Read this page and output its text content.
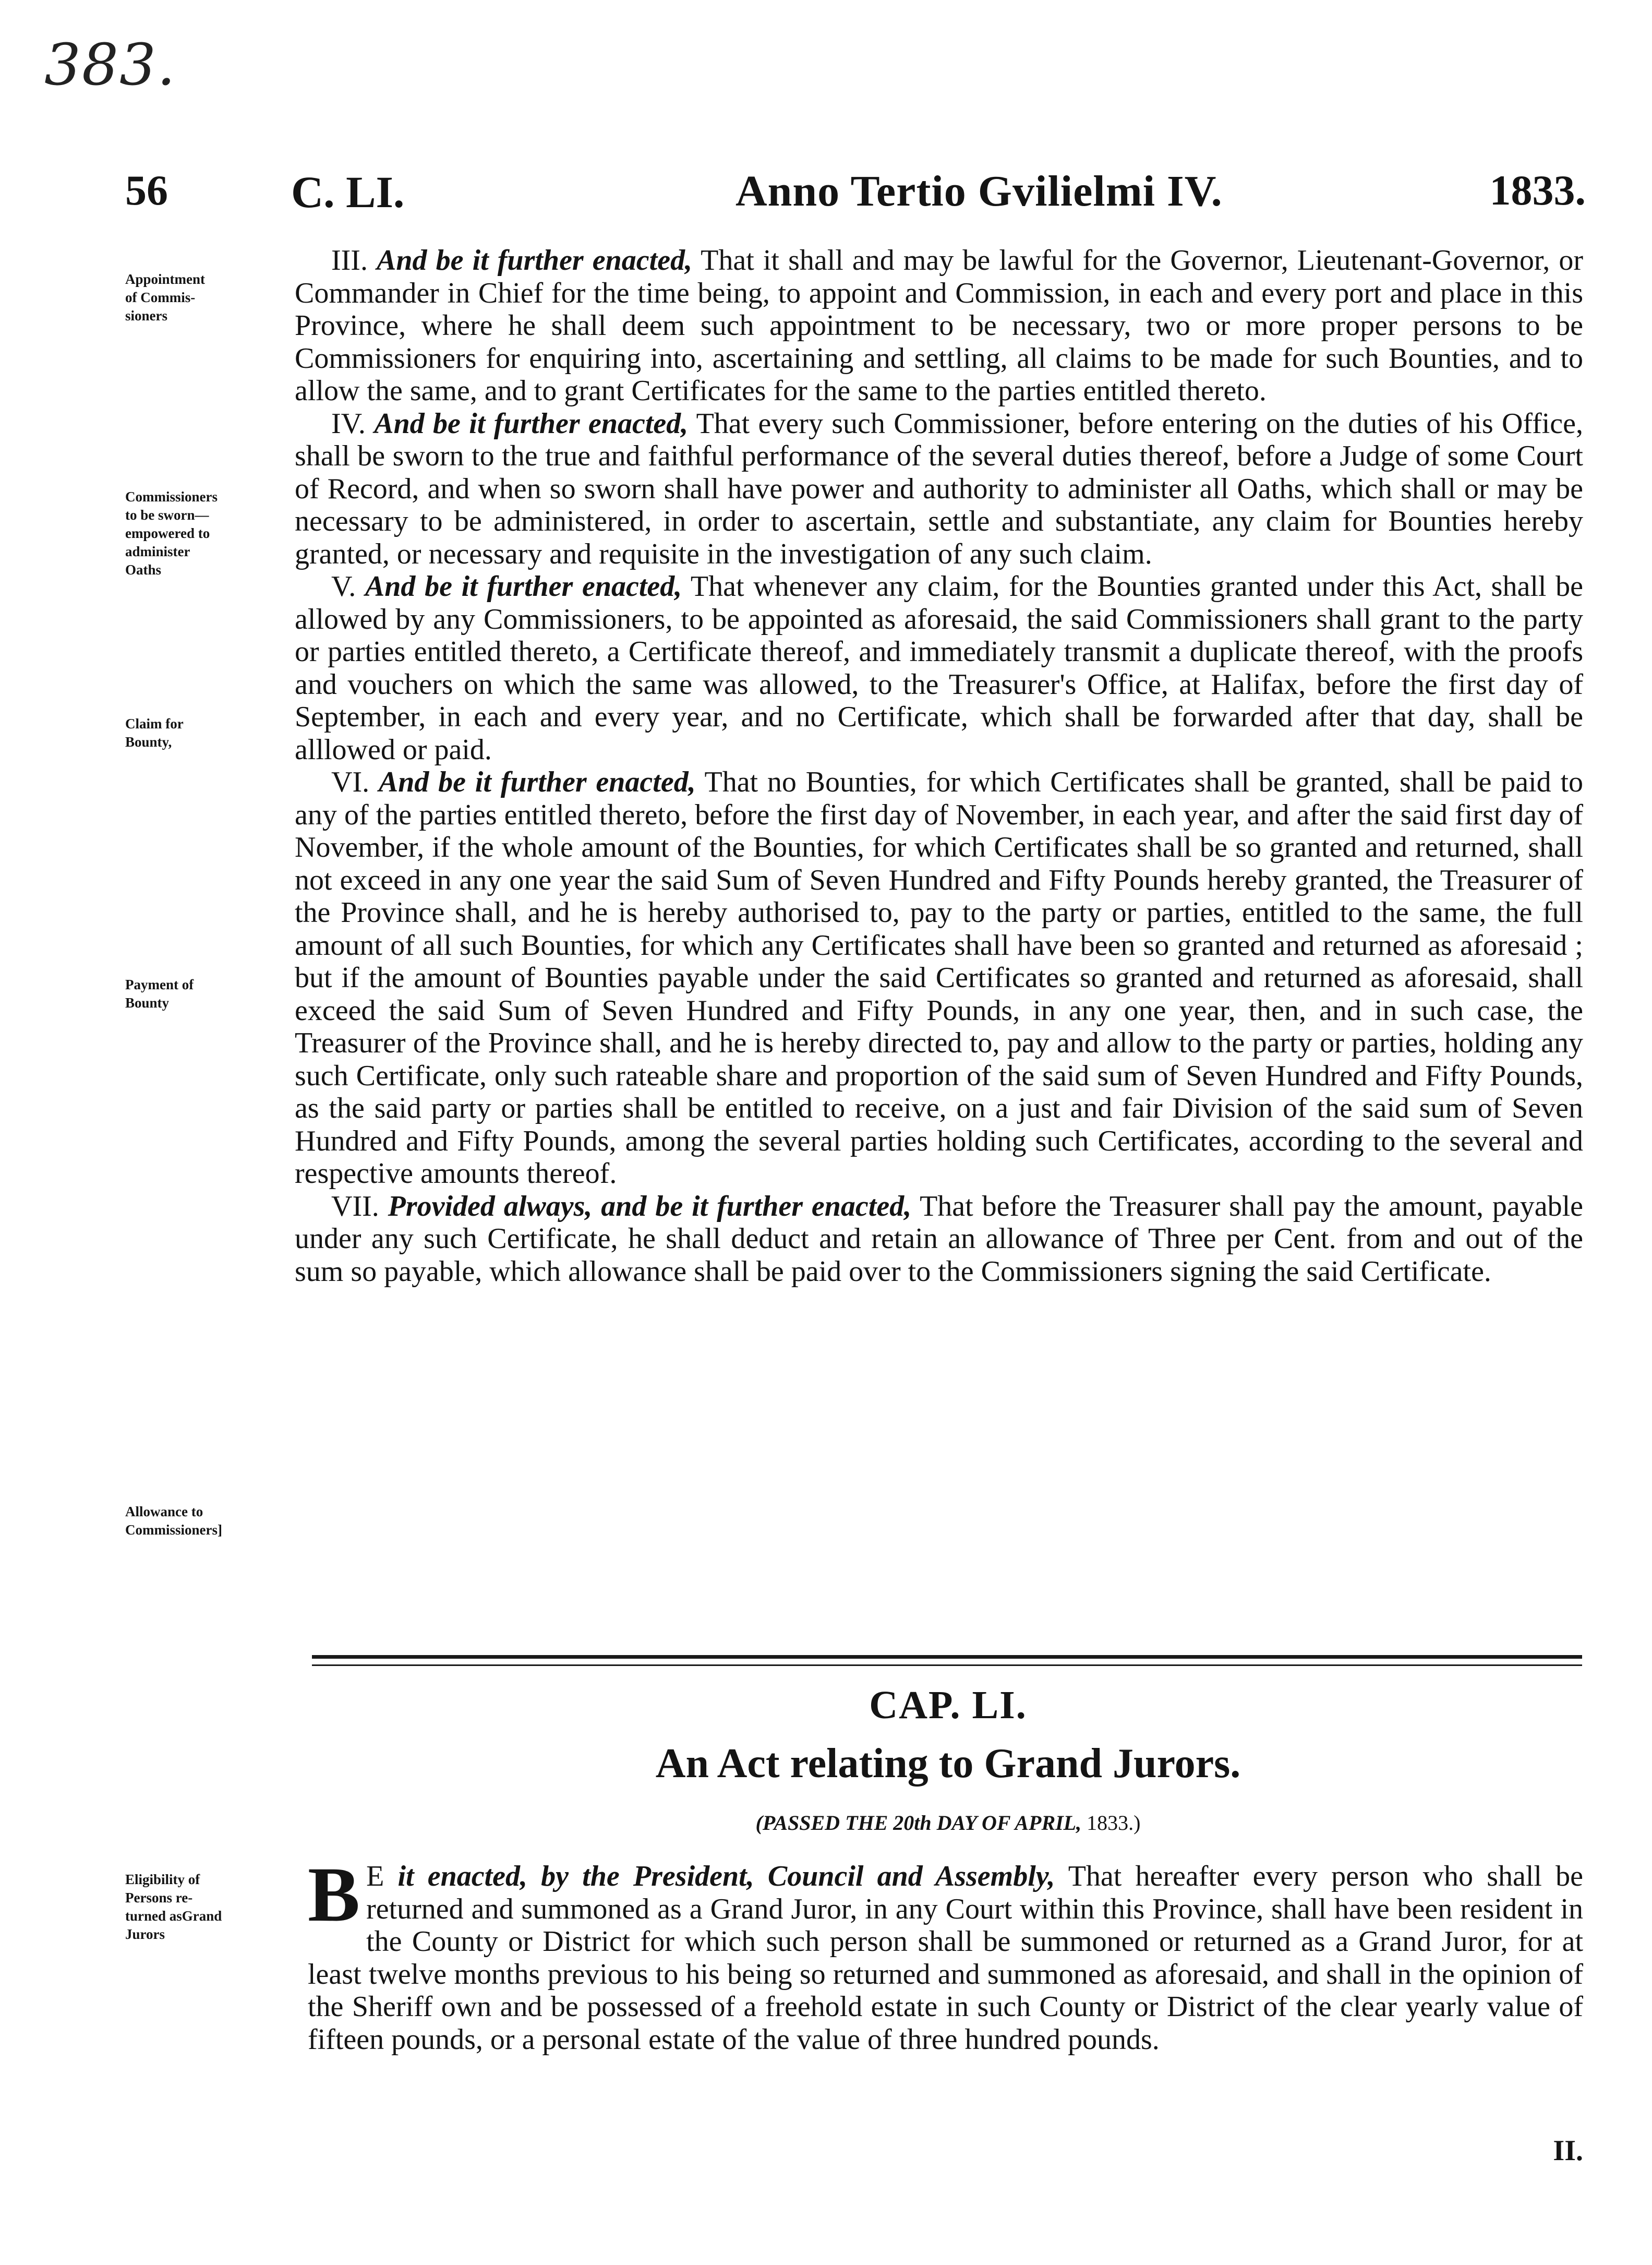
383.
56	C. LI.	Anno Tertio Gvilielmi IV.	1833.
Appointment
of Commis-
sioners
Commissioners
to be sworn—
empowered to
administer
Oaths
Claim for
Bounty,
Payment of
Bounty
Allowance to
Commissioners]
Eligibility of
Persons re-
turned asGrand
Jurors

III. And be it further enacted, That it shall and may be lawful for the Governor, Lieutenant-Governor, or Commander in Chief for the time being, to appoint and Commission, in each and every port and place in this Province, where he shall deem such appointment to be necessary, two or more proper persons to be Commissioners for enquiring into, ascertaining and settling, all claims to be made for such Bounties, and to allow the same, and to grant Certificates for the same to the parties entitled thereto.

IV. And be it further enacted, That every such Commissioner, before entering on the duties of his Office, shall be sworn to the true and faithful performance of the several duties thereof, before a Judge of some Court of Record, and when so sworn shall have power and authority to administer all Oaths, which shall or may be necessary to be administered, in order to ascertain, settle and substantiate, any claim for Bounties hereby granted, or necessary and requisite in the investigation of any such claim.

V. And be it further enacted, That whenever any claim, for the Bounties granted under this Act, shall be allowed by any Commissioners, to be appointed as aforesaid, the said Commissioners shall grant to the party or parties entitled thereto, a Certificate thereof, and immediately transmit a duplicate thereof, with the proofs and vouchers on which the same was allowed, to the Treasurer's Office, at Halifax, before the first day of September, in each and every year, and no Certificate, which shall be forwarded after that day, shall be alllowed or paid.

VI. And be it further enacted, That no Bounties, for which Certificates shall be granted, shall be paid to any of the parties entitled thereto, before the first day of November, in each year, and after the said first day of November, if the whole amount of the Bounties, for which Certificates shall be so granted and returned, shall not exceed in any one year the said Sum of Seven Hundred and Fifty Pounds hereby granted, the Treasurer of the Province shall, and he is hereby authorised to, pay to the party or parties, entitled to the same, the full amount of all such Bounties, for which any Certificates shall have been so granted and returned as aforesaid ; but if the amount of Bounties payable under the said Certificates so granted and returned as aforesaid, shall exceed the said Sum of Seven Hundred and Fifty Pounds, in any one year, then, and in such case, the Treasurer of the Province shall, and he is hereby directed to, pay and allow to the party or parties, holding any such Certificate, only such rateable share and proportion of the said sum of Seven Hundred and Fifty Pounds, as the said party or parties shall be entitled to receive, on a just and fair Division of the said sum of Seven Hundred and Fifty Pounds, among the several parties holding such Certificates, according to the several and respective amounts thereof.

VII. Provided always, and be it further enacted, That before the Treasurer shall pay the amount, payable under any such Certificate, he shall deduct and retain an allowance of Three per Cent. from and out of the sum so payable, which allowance shall be paid over to the Commissioners signing the said Certificate.

CAP. LI.
An Act relating to Grand Jurors.
(PASSED THE 20th DAY OF APRIL, 1833.)
B E it enacted, by the President, Council and Assembly, That hereafter every person who shall be returned and summoned as a Grand Juror, in any Court within this Province, shall have been resident in the County or District for which such person shall be summoned or returned as a Grand Juror, for at least twelve months previous to his being so returned and summoned as aforesaid, and shall in the opinion of the Sheriff own and be possessed of a freehold estate in such County or District of the clear yearly value of fifteen pounds, or a personal estate of the value of three hundred pounds.
II.
